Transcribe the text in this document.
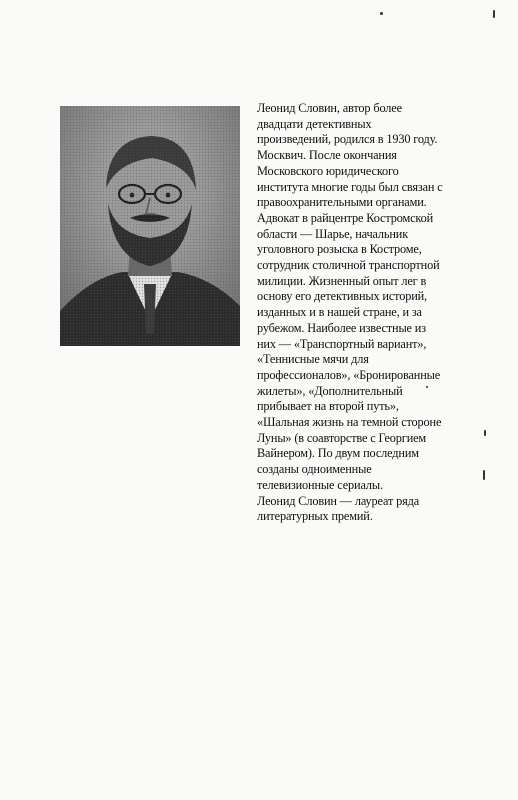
Леонид Словин, автор более
двадцати детективных
произведений, родился в 1930 году.
Москвич. После окончания
Московского юридического
института многие годы был связан с
правоохранительными органами.
Адвокат в райцентре Костромской
области — Шарье, начальник
уголовного розыска в Костроме,
сотрудник столичной транспортной
милиции. Жизненный опыт лег в
основу его детективных историй,
изданных и в нашей стране, и за
рубежом. Наиболее известные из
них — «Транспортный вариант»,
«Теннисные мячи для
профессионалов», «Бронированные
жилеты», «Дополнительный
прибывает на второй путь»,
«Шальная жизнь на темной стороне
Луны» (в соавторстве с Георгием
Вайнером). По двум последним
созданы одноименные
телевизионные сериалы.

Леонид Словин — лауреат ряда
литературных премий.
